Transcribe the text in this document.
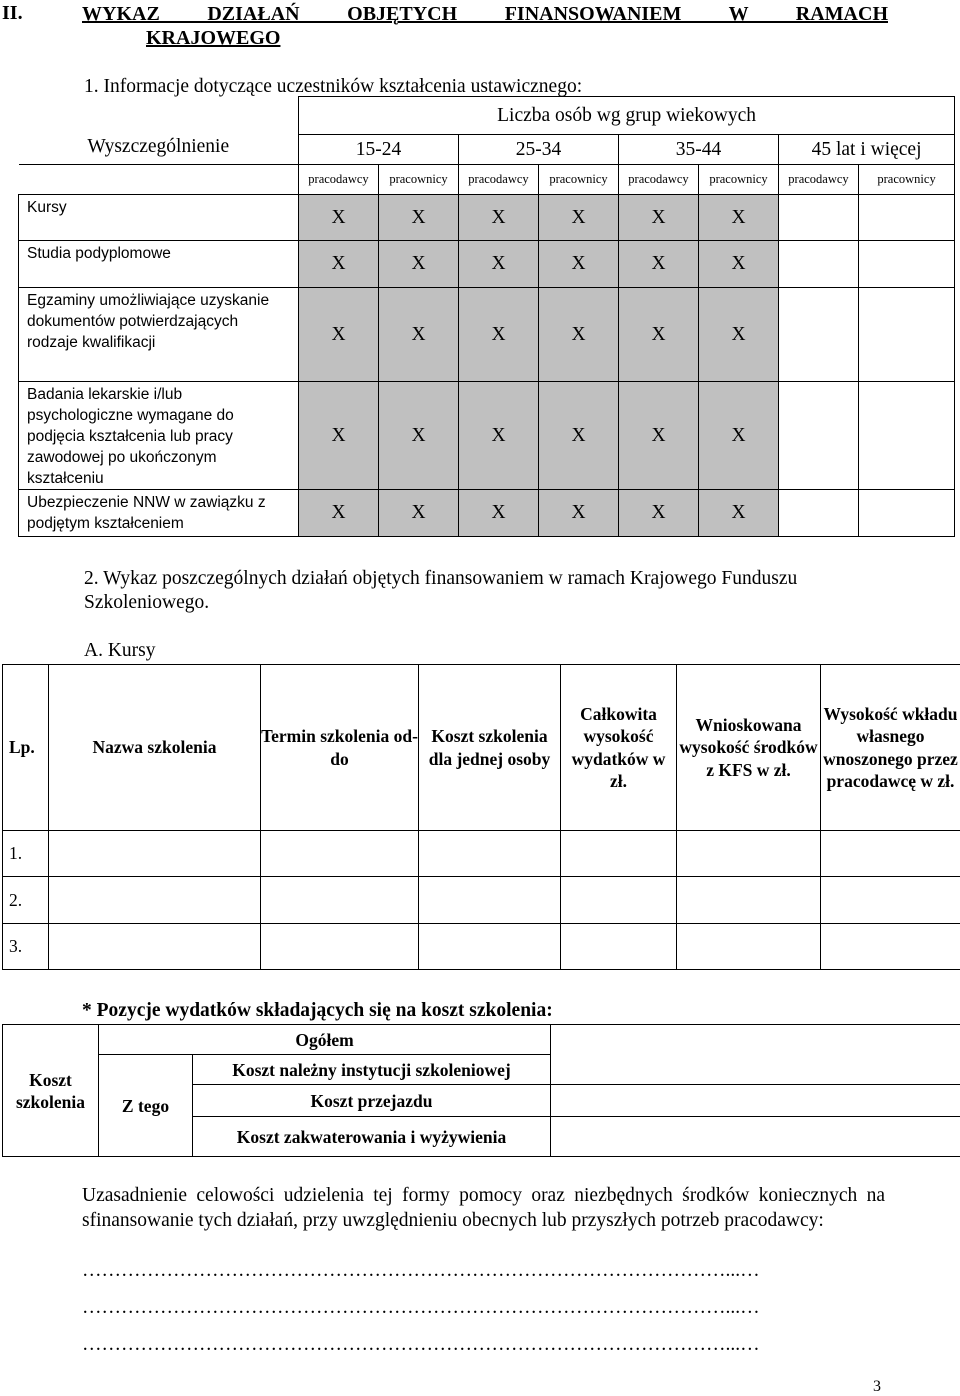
II.	WYKAZ DZIAŁAŃ OBJĘTYCH FINANSOWANIEM W RAMACH
KRAJOWEGO
1. Informacje dotyczące uczestników kształcenia ustawicznego:
Wyszczególnienie	Liczba osób wg grup wiekowych							
	15-24		25-34		35-44		45 lat i więcej	
	pracodawcy	pracownicy	pracodawcy	pracownicy	pracodawcy	pracownicy	pracodawcy	pracownicy
Kursy	X	X	X	X	X	X		
Studia podyplomowe	X	X	X	X	X	X		
Egzaminy umożliwiające uzyskanie dokumentów potwierdzających rodzaje kwalifikacji	X	X	X	X	X	X		
Badania lekarskie i/lub psychologiczne wymagane do podjęcia kształcenia lub pracy zawodowej po ukończonym kształceniu	X	X	X	X	X	X		
Ubezpieczenie NNW w zawiązku z podjętym kształceniem	X	X	X	X	X	X		
2. Wykaz poszczególnych działań objętych finansowaniem w ramach Krajowego Funduszu Szkoleniowego.
A. Kursy
Lp.	Nazwa szkolenia	Termin szkolenia od-do	Koszt szkolenia dla jednej osoby	Całkowita wysokość wydatków w zł.	Wnioskowana wysokość środków z KFS w zł.	Wysokość wkładu własnego wnoszonego przez pracodawcę w zł.
1.						
2.						
3.						
* Pozycje wydatków składających się na koszt szkolenia:
Koszt szkolenia	Ogółem		
	Z tego	Koszt należny instytucji szkoleniowej	
		Koszt przejazdu	
		Koszt zakwaterowania i wyżywienia	
Uzasadnienie celowości udzielenia tej formy pomocy oraz niezbędnych środków koniecznych na sfinansowanie tych działań, przy uwzględnieniu obecnych lub przyszłych potrzeb pracodawcy:
………………………………………………………………………………………...…
………………………………………………………………………………………...…
………………………………………………………………………………………...…
3
